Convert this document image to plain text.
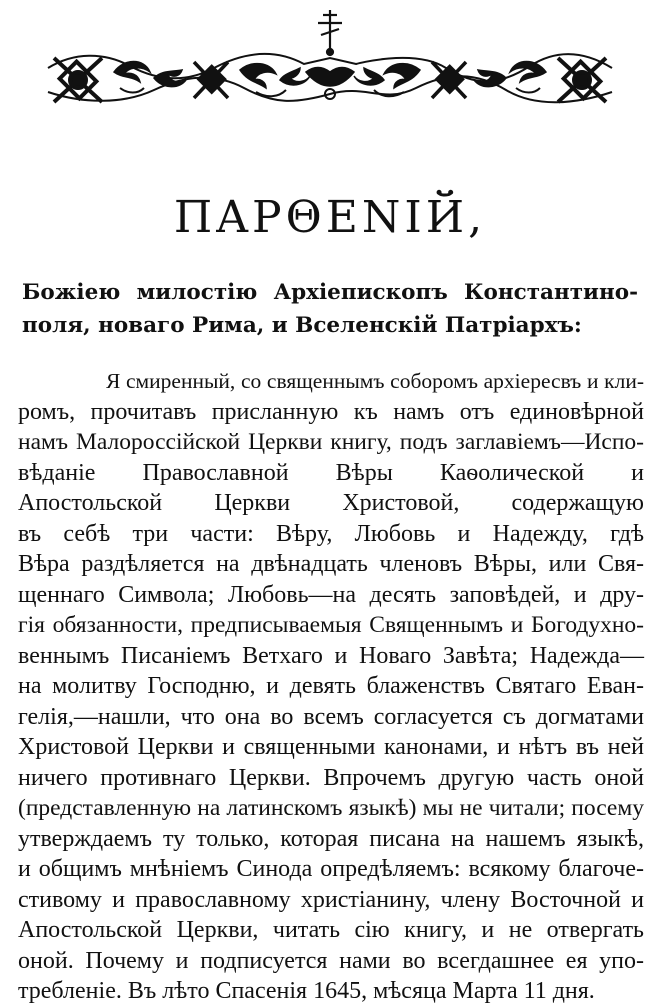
ΠΑΡΘΕΝΙЙ,
Божіею милостію Архіепископъ Константино-
поля, новаго Рима, и Вселенскій Патріархъ:
Я смиренный, со священнымъ соборомъ архіересвъ и кли-
ромъ, прочитавъ присланную къ намъ отъ единовѣрной
намъ Малороссійской Церкви книгу, подъ заглавіемъ—Испо-
вѣданіе Православной Вѣры Каѳолической и
Апостольской Церкви Христовой, содержащую
въ себѣ три части: Вѣру, Любовь и Надежду, гдѣ
Вѣра раздѣляется на двѣнадцать членовъ Вѣры, или Свя-
щеннаго Символа; Любовь—на десять заповѣдей, и дру-
гія обязанности, предписываемыя Священнымъ и Богодухно-
веннымъ Писаніемъ Ветхаго и Новаго Завѣта; Надежда—
на молитву Господню, и девять блаженствъ Святаго Еван-
гелія,—нашли, что она во всемъ согласуется съ догматами
Христовой Церкви и священными канонами, и нѣтъ въ ней
ничего противнаго Церкви. Впрочемъ другую часть оной
(представленную на латинскомъ языкѣ) мы не читали; посему
утверждаемъ ту только, которая писана на нашемъ языкѣ,
и общимъ мнѣніемъ Синода опредѣляемъ: всякому благоче-
стивому и православному христіанину, члену Восточной и
Апостольской Церкви, читать сію книгу, и не отвергать
оной. Почему и подписуется нами во всегдашнее ея упо-
требленіе. Въ лѣто Спасенія 1645, мѣсяца Марта 11 дня.
